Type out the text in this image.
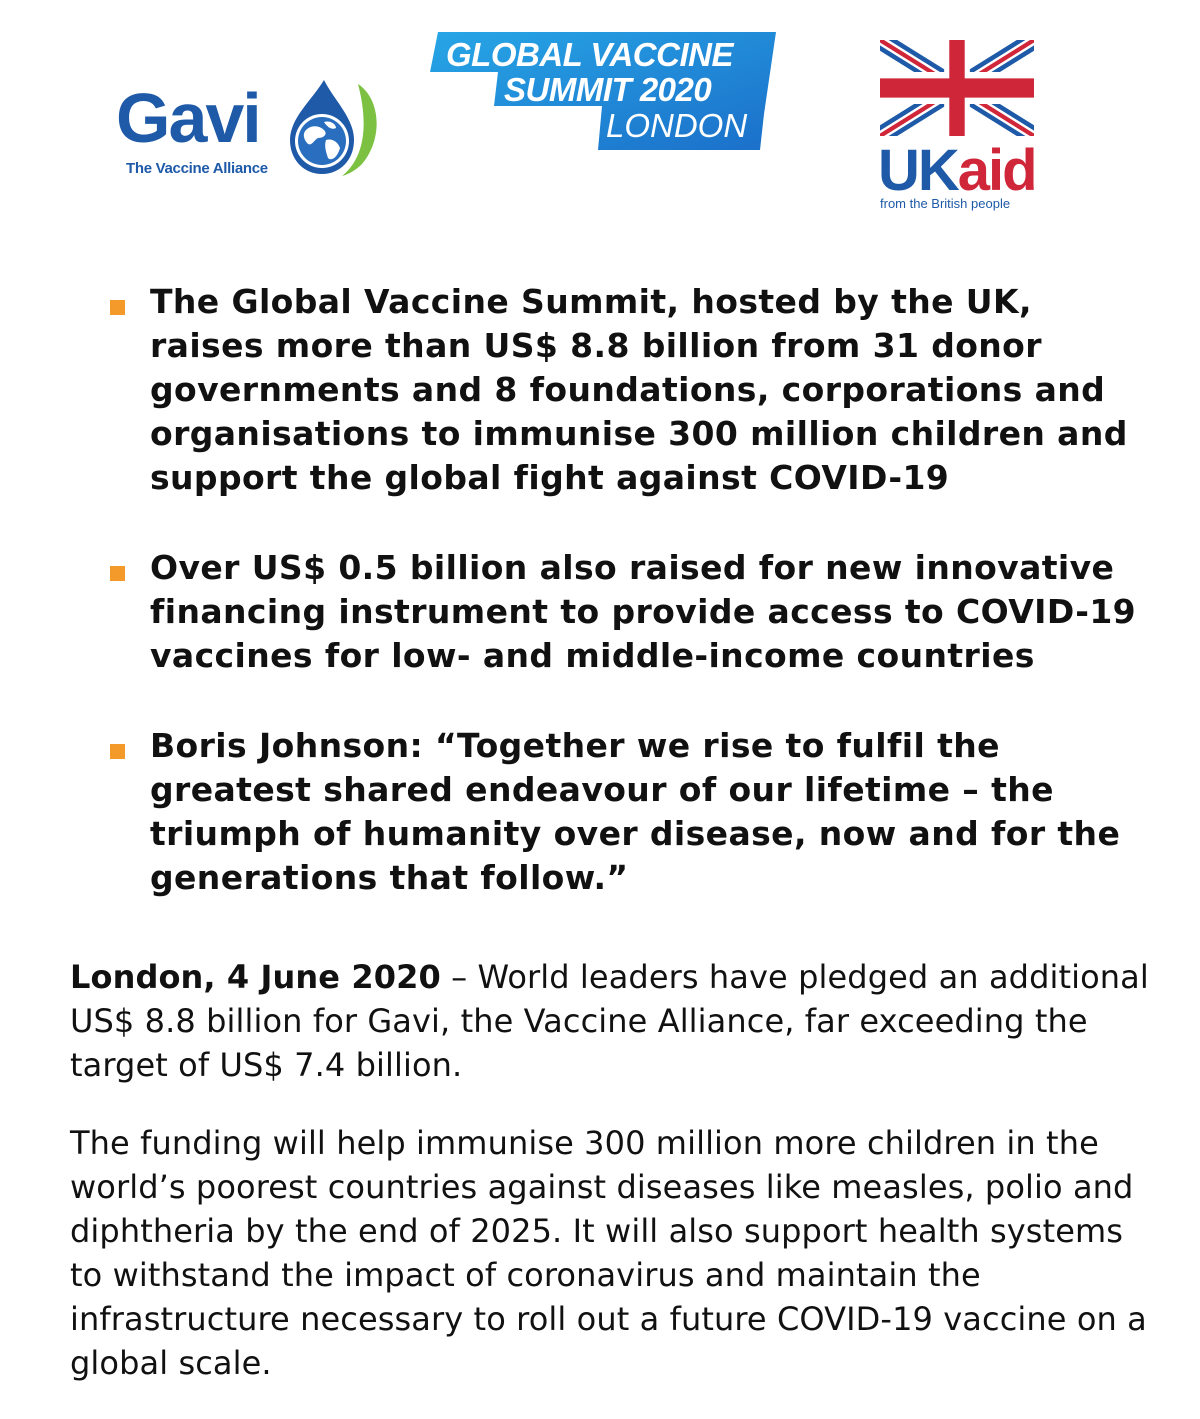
Gavi
The Vaccine Alliance
GLOBAL VACCINE
SUMMIT 2020
LONDON
UKaid
from the British people
The Global Vaccine Summit, hosted by the UK, raises more than US$ 8.8 billion from 31 donor governments and 8 foundations, corporations and organisations to immunise 300 million children and support the global fight against COVID-19
Over US$ 0.5 billion also raised for new innovative financing instrument to provide access to COVID-19 vaccines for low- and middle-income countries
Boris Johnson: “Together we rise to fulfil the greatest shared endeavour of our lifetime – the triumph of humanity over disease, now and for the generations that follow.”

London, 4 June 2020 – World leaders have pledged an additional US$ 8.8 billion for Gavi, the Vaccine Alliance, far exceeding the target of US$ 7.4 billion.

The funding will help immunise 300 million more children in the world’s poorest countries against diseases like measles, polio and diphtheria by the end of 2025. It will also support health systems to withstand the impact of coronavirus and maintain the infrastructure necessary to roll out a future COVID-19 vaccine on a global scale.
